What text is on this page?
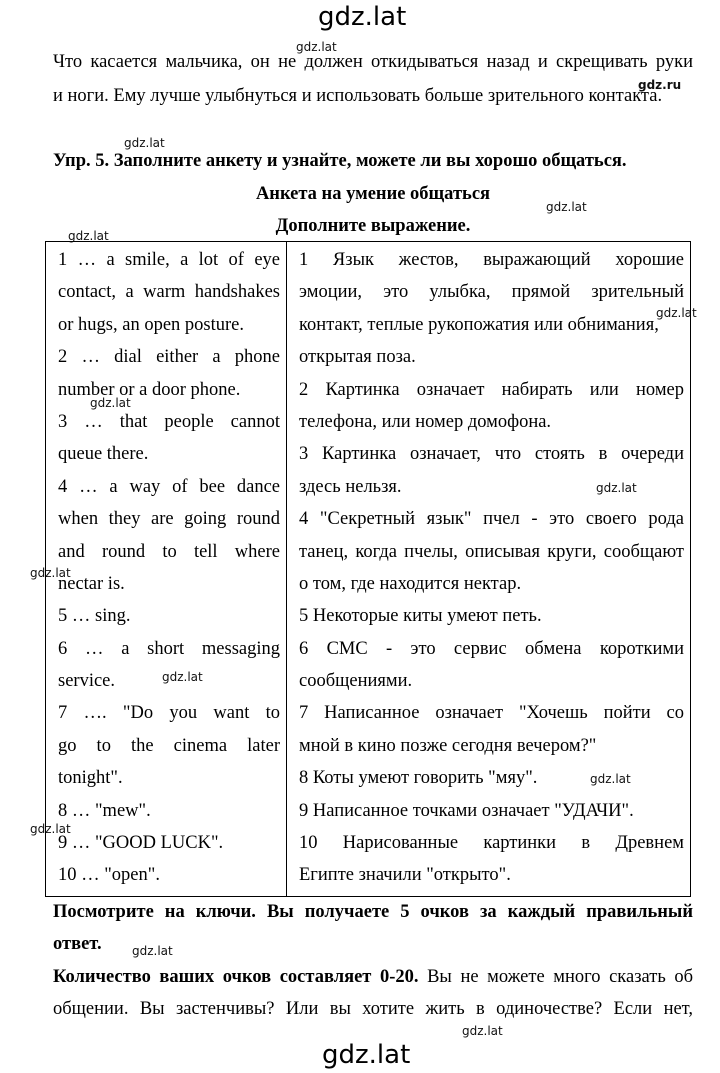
gdz.lat
gdz.lat
gdz.ru
gdz.lat
gdz.lat
gdz.lat
gdz.lat
gdz.lat
gdz.lat
gdz.lat
gdz.lat
gdz.lat
gdz.lat
gdz.lat
gdz.lat
Что касается мальчика, он не должен откидываться назад и скрещивать руки
и ноги. Ему лучше улыбнуться и использовать больше зрительного контакта.
Упр. 5. Заполните анкету и узнайте, можете ли вы хорошо общаться.
Анкета на умение общаться
Дополните выражение.
1 … a smile, a lot of eye
contact, a warm handshakes
or hugs, an open posture.
2 … dial either a phone
number or a door phone.
3 … that people cannot
queue there.
4 … a way of bee dance
when they are going round
and round to tell where
nectar is.
5 … sing.
6 … a short messaging
service.
7 …. "Do you want to
go to the cinema later
tonight".
8 … "mew".
9 … "GOOD LUCK".
10 … "open".

1 Язык жестов, выражающий хорошие
эмоции, это улыбка, прямой зрительный
контакт, теплые рукопожатия или обнимания,
открытая поза.
2 Картинка означает набирать или номер
телефона, или номер домофона.
3 Картинка означает, что стоять в очереди
здесь нельзя.
4 "Секретный язык" пчел - это своего рода
танец, когда пчелы, описывая круги, сообщают
о том, где находится нектар.
5 Некоторые киты умеют петь.
6 СМС - это сервис обмена короткими
сообщениями.
7 Написанное означает "Хочешь пойти со
мной в кино позже сегодня вечером?"
8 Коты умеют говорить "мяу".
9 Написанное точками означает "УДАЧИ".
10 Нарисованные картинки в Древнем
Египте значили "открыто".
Посмотрите на ключи. Вы получаете 5 очков за каждый правильный
ответ.
Количество ваших очков составляет 0-20. Вы не можете много сказать об
общении. Вы застенчивы? Или вы хотите жить в одиночестве? Если нет,
gdz.lat
